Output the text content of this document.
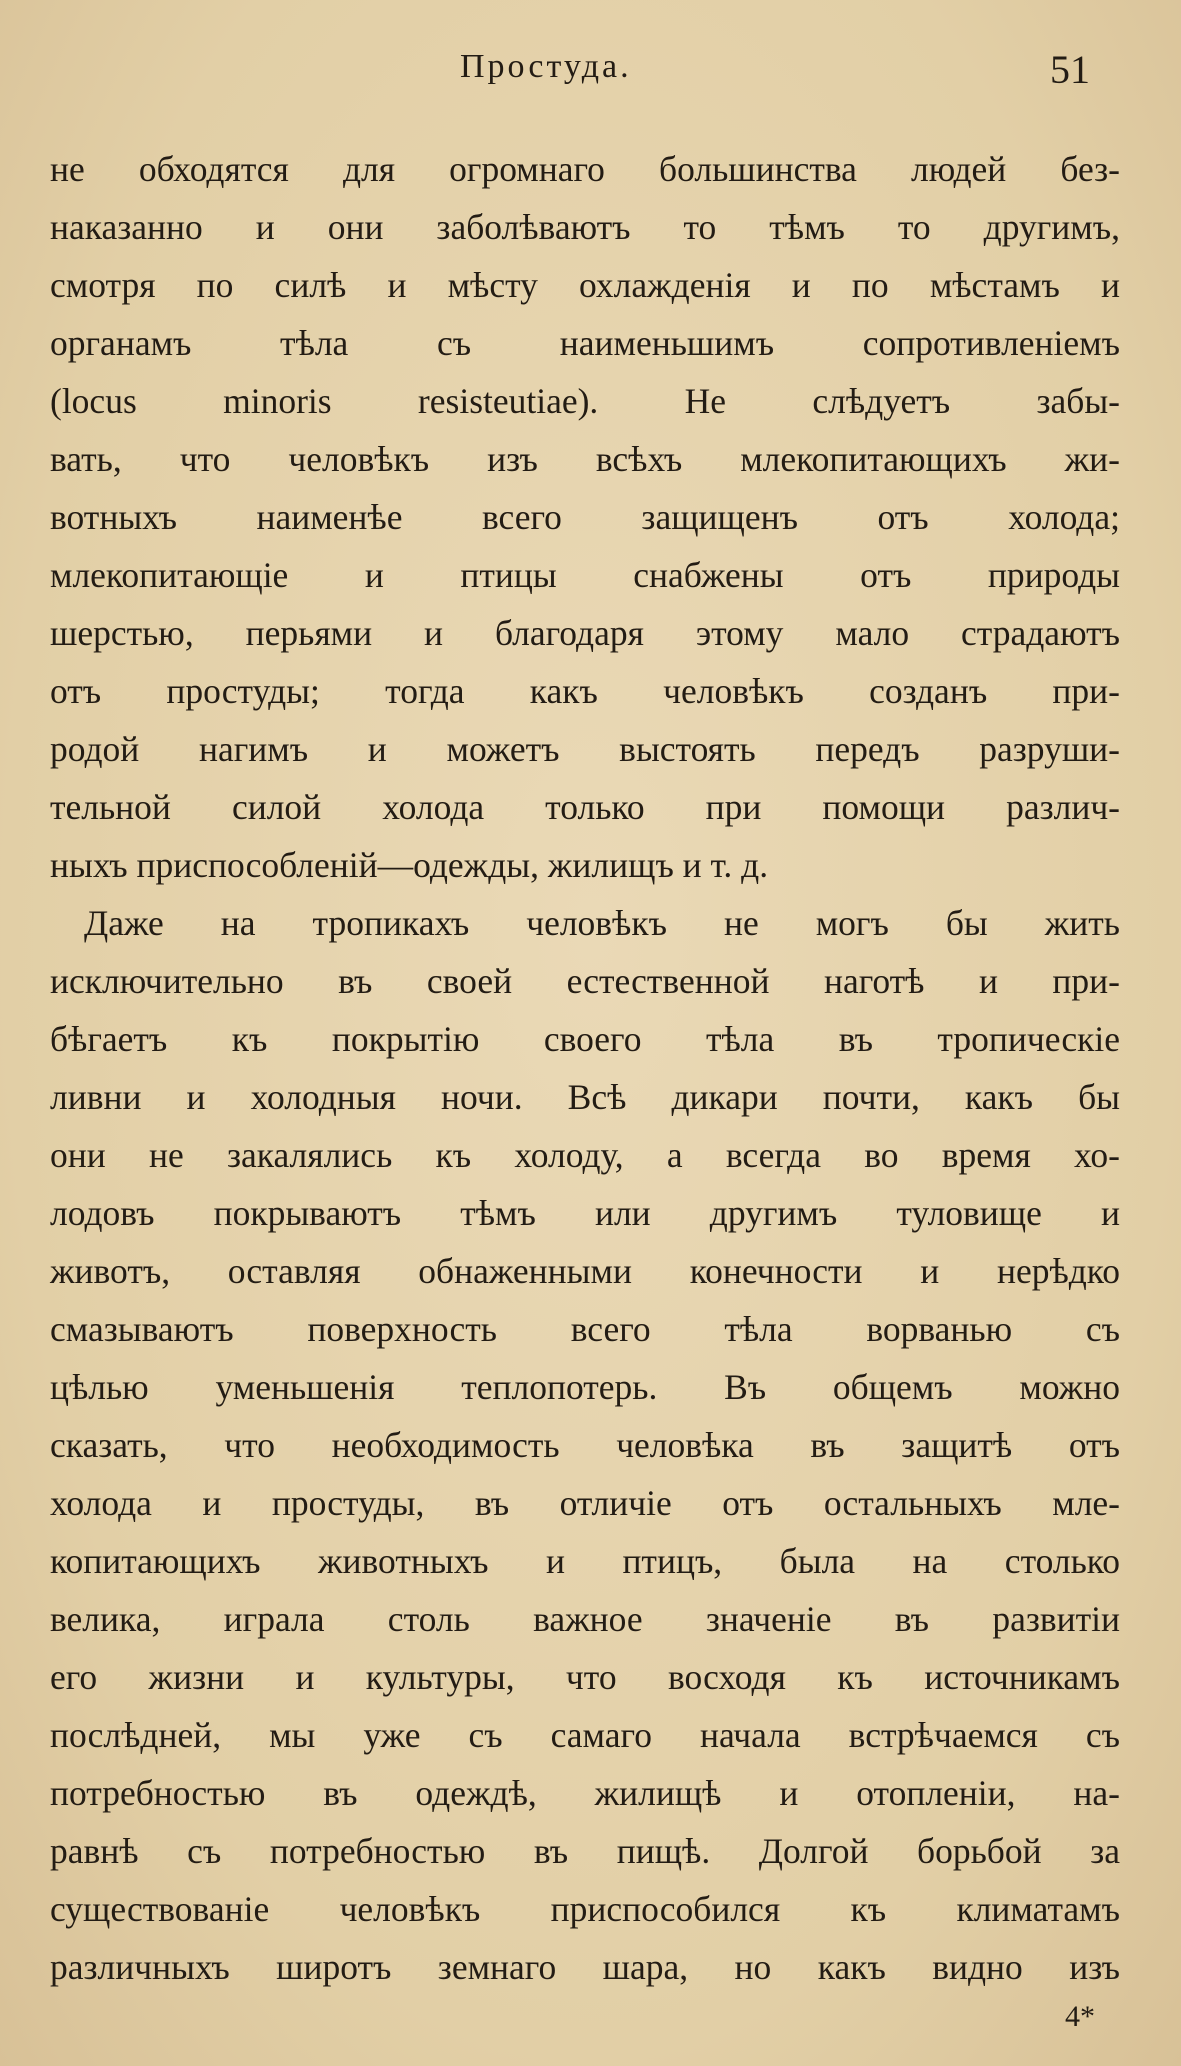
Простуда.	51
не обходятся для огромнаго большинства людей без-
наказанно и они заболѣваютъ то тѣмъ то другимъ,
смотря по силѣ и мѣсту охлажденія и по мѣстамъ и
органамъ тѣла съ наименьшимъ сопротивленіемъ
(locus minoris resisteutiae). Не слѣдуетъ забы-
вать, что человѣкъ изъ всѣхъ млекопитающихъ жи-
вотныхъ наименѣе всего защищенъ отъ холода;
млекопитающіе и птицы снабжены отъ природы
шерстью, перьями и благодаря этому мало страдаютъ
отъ простуды; тогда какъ человѣкъ созданъ при-
родой нагимъ и можетъ выстоять передъ разруши-
тельной силой холода только при помощи различ-
ныхъ приспособленій—одежды, жилищъ и т. д.
Даже на тропикахъ человѣкъ не могъ бы жить
исключительно въ своей естественной наготѣ и при-
бѣгаетъ къ покрытію своего тѣла въ тропическіе
ливни и холодныя ночи. Всѣ дикари почти, какъ бы
они не закалялись къ холоду, а всегда во время хо-
лодовъ покрываютъ тѣмъ или другимъ туловище и
животъ, оставляя обнаженными конечности и нерѣдко
смазываютъ поверхность всего тѣла ворванью съ
цѣлью уменьшенія теплопотерь. Въ общемъ можно
сказать, что необходимость человѣка въ защитѣ отъ
холода и простуды, въ отличіе отъ остальныхъ мле-
копитающихъ животныхъ и птицъ, была на столько
велика, играла столь важное значеніе въ развитіи
его жизни и культуры, что восходя къ источникамъ
послѣдней, мы уже съ самаго начала встрѣчаемся съ
потребностью въ одеждѣ, жилищѣ и отопленіи, на-
равнѣ съ потребностью въ пищѣ. Долгой борьбой за
существованіе человѣкъ приспособился къ климатамъ
различныхъ широтъ земнаго шара, но какъ видно изъ
4*
